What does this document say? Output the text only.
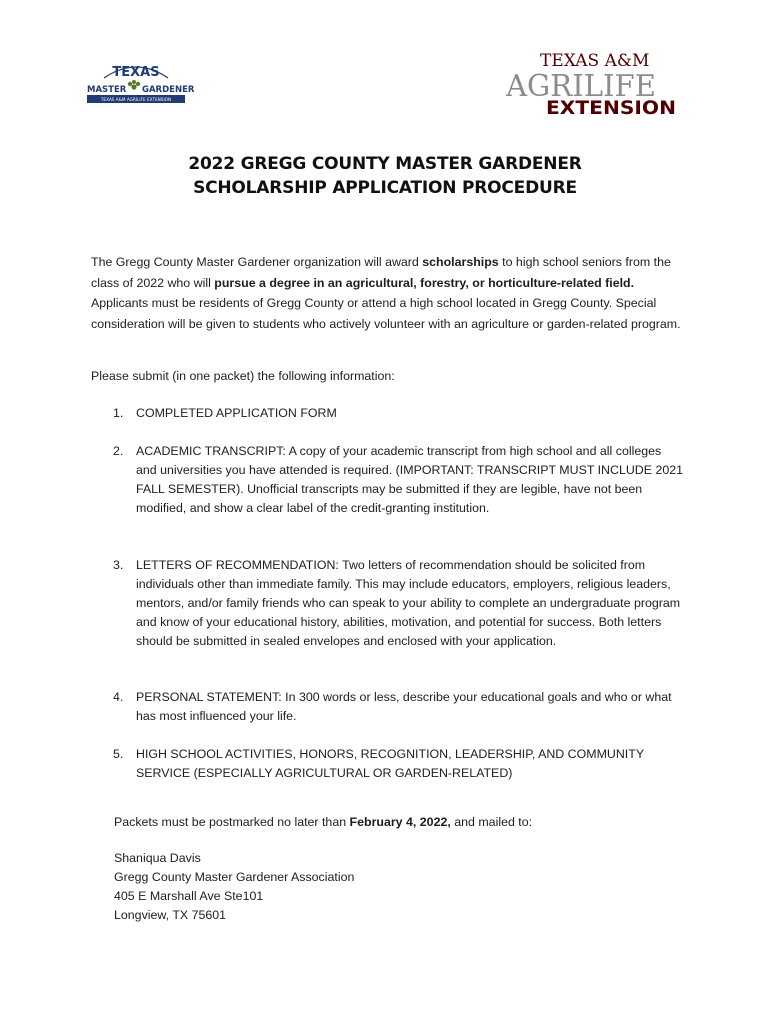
TEXAS
MASTER GARDENER
TEXAS A&M AGRILIFE EXTENSION
TEXAS A&M
AGRILIFE
EXTENSION
2022 GREGG COUNTY MASTER GARDENER
SCHOLARSHIP APPLICATION PROCEDURE
The Gregg County Master Gardener organization will award scholarships to high school seniors from the class of 2022 who will pursue a degree in an agricultural, forestry, or horticulture-related field. Applicants must be residents of Gregg County or attend a high school located in Gregg County. Special consideration will be given to students who actively volunteer with an agriculture or garden-related program.
Please submit (in one packet) the following information:
1. COMPLETED APPLICATION FORM
2. ACADEMIC TRANSCRIPT: A copy of your academic transcript from high school and all colleges and universities you have attended is required. (IMPORTANT: TRANSCRIPT MUST INCLUDE 2021 FALL SEMESTER). Unofficial transcripts may be submitted if they are legible, have not been modified, and show a clear label of the credit-granting institution.
3. LETTERS OF RECOMMENDATION: Two letters of recommendation should be solicited from individuals other than immediate family. This may include educators, employers, religious leaders, mentors, and/or family friends who can speak to your ability to complete an undergraduate program and know of your educational history, abilities, motivation, and potential for success. Both letters should be submitted in sealed envelopes and enclosed with your application.
4. PERSONAL STATEMENT: In 300 words or less, describe your educational goals and who or what has most influenced your life.
5. HIGH SCHOOL ACTIVITIES, HONORS, RECOGNITION, LEADERSHIP, AND COMMUNITY SERVICE (ESPECIALLY AGRICULTURAL OR GARDEN-RELATED)
Packets must be postmarked no later than February 4, 2022, and mailed to:
Shaniqua Davis
Gregg County Master Gardener Association
405 E Marshall Ave Ste101
Longview, TX 75601
